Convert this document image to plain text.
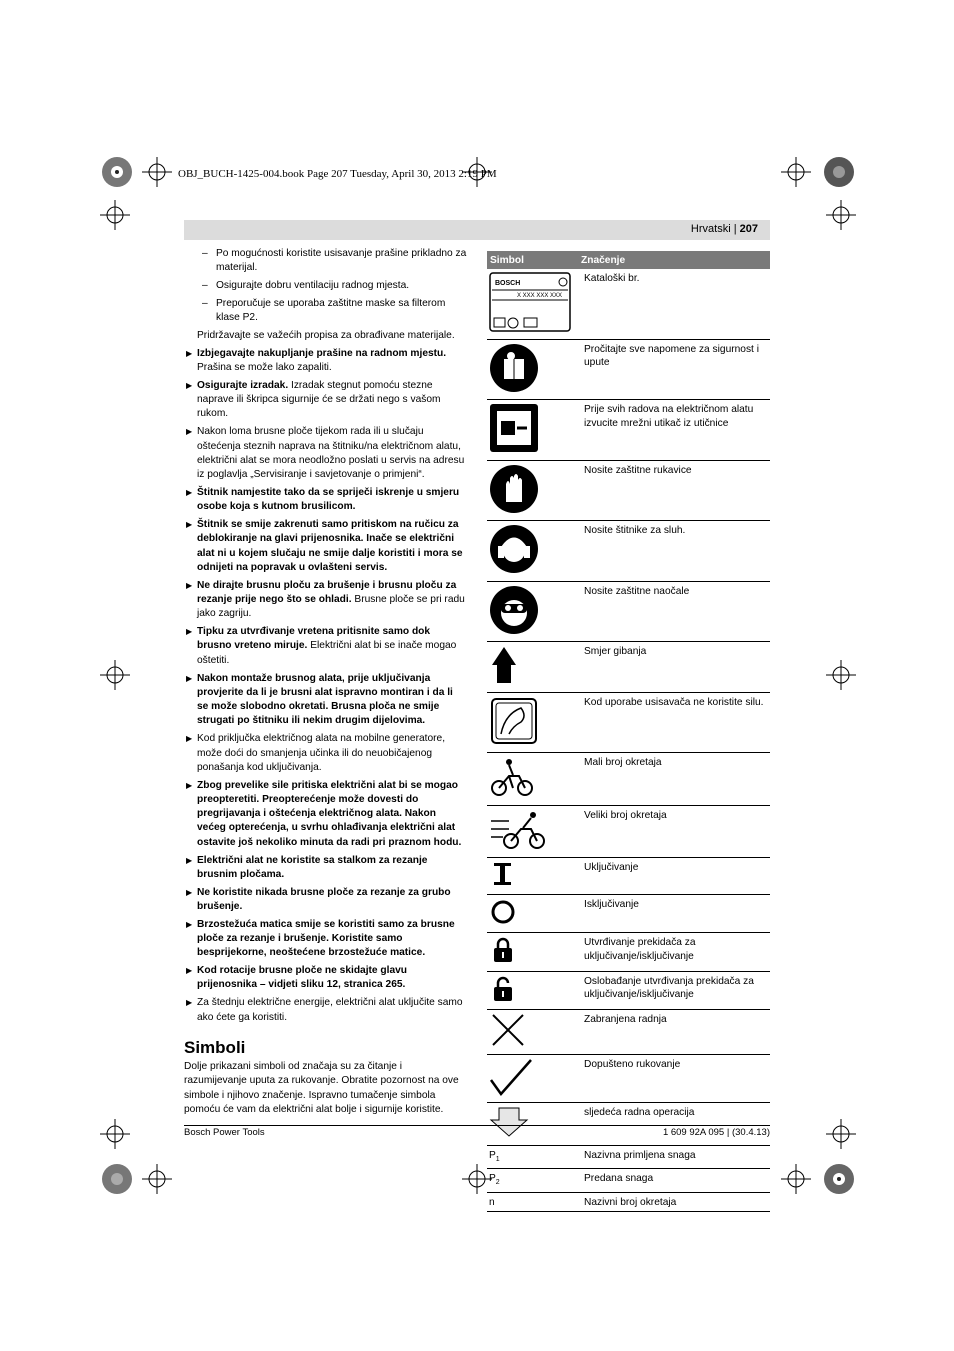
OBJ_BUCH-1425-004.book Page 207 Tuesday, April 30, 2013 2:19 PM
Hrvatski | 207

– Po mogućnosti koristite usisavanje prašine prikladno za materijal.

– Osigurajte dobru ventilaciju radnog mjesta.

– Preporučuje se uporaba zaštitne maske sa filterom klase P2.

Pridržavajte se važećih propisa za obrađivane materijale.

▶ Izbjegavajte nakupljanje prašine na radnom mjestu. Prašina se može lako zapaliti.

▶ Osigurajte izradak. Izradak stegnut pomoću stezne naprave ili škripca sigurnije će se držati nego s vašom rukom.

▶ Nakon loma brusne ploče tijekom rada ili u slučaju oštećenja steznih naprava na štitniku/na električnom alatu, električni alat se mora neodložno poslati u servis na adresu iz poglavlja „Servisiranje i savjetovanje o primjeni“.

▶ Štitnik namjestite tako da se spriječi iskrenje u smjeru osobe koja s kutnom brusilicom.

▶ Štitnik se smije zakrenuti samo pritiskom na ručicu za deblokiranje na glavi prijenosnika. Inače se električni alat ni u kojem slučaju ne smije dalje koristiti i mora se odnijeti na popravak u ovlašteni servis.

▶ Ne dirajte brusnu ploču za brušenje i brusnu ploču za rezanje prije nego što se ohladi. Brusne ploče se pri radu jako zagriju.

▶ Tipku za utvrđivanje vretena pritisnite samo dok brusno vreteno miruje. Električni alat bi se inače mogao oštetiti.

▶ Nakon montaže brusnog alata, prije uključivanja provjerite da li je brusni alat ispravno montiran i da li se može slobodno okretati. Brusna ploča ne smije strugati po štitniku ili nekim drugim dijelovima.

▶ Kod priključka električnog alata na mobilne generatore, može doći do smanjenja učinka ili do neuobičajenog ponašanja kod uključivanja.

▶ Zbog prevelike sile pritiska električni alat bi se mogao preopteretiti. Preopterećenje može dovesti do pregrijavanja i oštećenja električnog alata. Nakon većeg opterećenja, u svrhu ohlađivanja električni alat ostavite još nekoliko minuta da radi pri praznom hodu.

▶ Električni alat ne koristite sa stalkom za rezanje brusnim pločama.

▶ Ne koristite nikada brusne ploče za rezanje za grubo brušenje.

▶ Brzostežuća matica smije se koristiti samo za brusne ploče za rezanje i brušenje. Koristite samo besprijekorne, neoštećene brzostežuće matice.

▶ Kod rotacije brusne ploče ne skidajte glavu prijenosnika – vidjeti sliku 12, stranica 265.

▶ Za štednju električne energije, električni alat uključite samo ako ćete ga koristiti.

Simboli

Dolje prikazani simboli od značaja su za čitanje i razumijevanje uputa za rukovanje. Obratite pozornost na ove simbole i njihovo značenje. Ispravno tumačenje simbola pomoću će vam da električni alat bolje i sigurnije koristite.

Simbol	Značenje

BOSCH
X XXX XXX XXX	Kataloški br.
	Pročitajte sve napomene za sigurnost i upute
	Prije svih radova na električnom alatu izvucite mrežni utikač iz utičnice
	Nosite zaštitne rukavice
	Nosite štitnike za sluh.
	Nosite zaštitne naočale
	Smjer gibanja
	Kod uporabe usisavača ne koristite silu.
	Mali broj okretaja
	Veliki broj okretaja
	Uključivanje
	Isključivanje
	Utvrđivanje prekidača za uključivanje/isključivanje
	Oslobađanje utvrđivanja prekidača za uključivanje/isključivanje
	Zabranjena radnja
	Dopušteno rukovanje
	sljedeća radna operacija
$P_1$	Nazivna primljena snaga
$P_2$	Predana snaga
n	Nazivni broj okretaja
Bosch Power Tools	1 609 92A 095 | (30.4.13)
